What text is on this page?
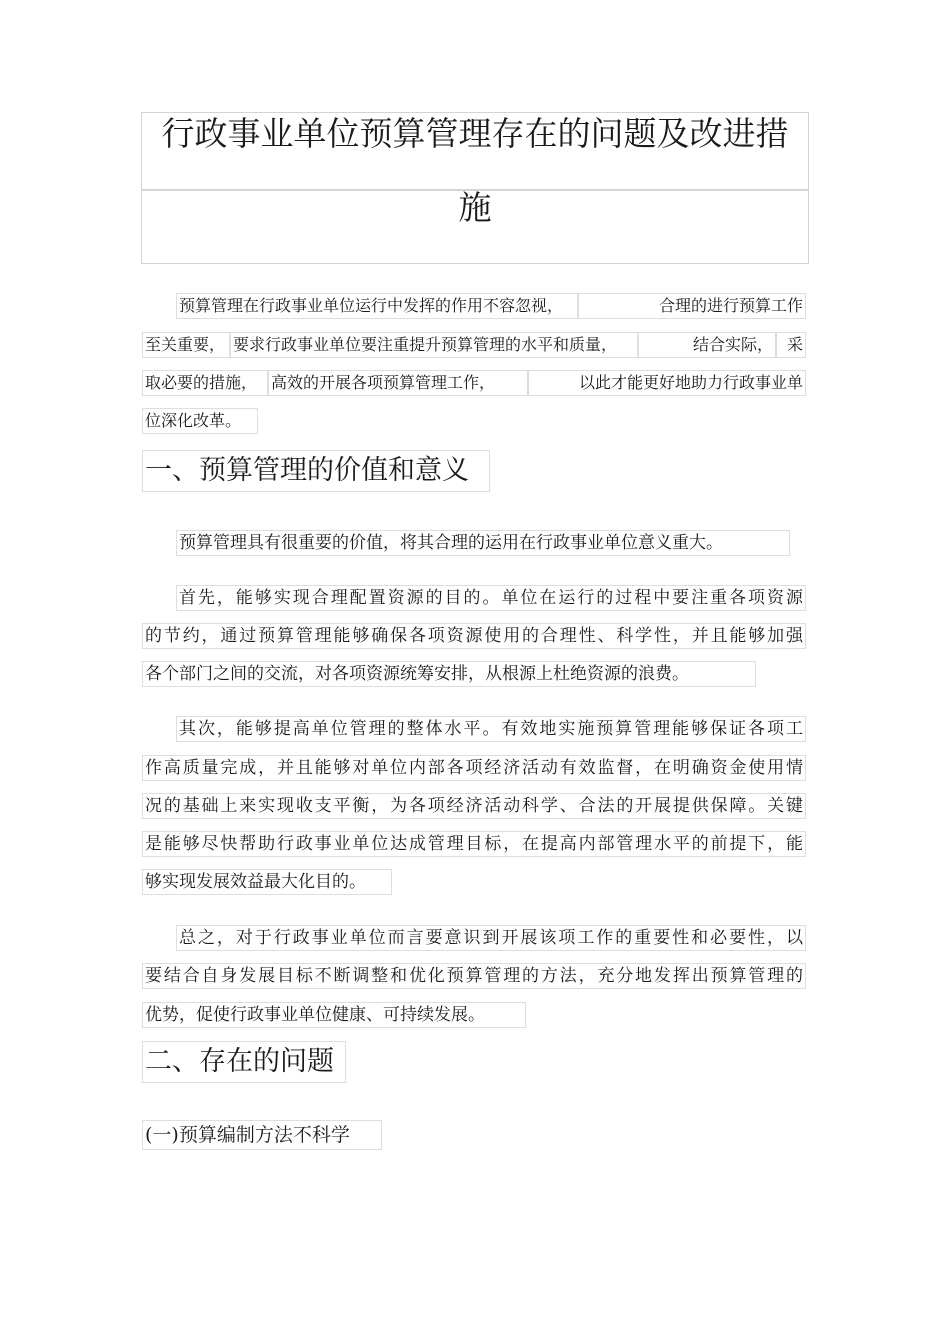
行政事业单位预算管理存在的问题及改进措
施
预算管理在行政事业单位运行中发挥的作用不容忽视，	合理的进行预算工作
至关重要， 要求行政事业单位要注重提升预算管理的水平和质量，	结合实际， 采
取必要的措施， 高效的开展各项预算管理工作，	以此才能更好地助力行政事业单
位深化改革。
一、预算管理的价值和意义
预算管理具有很重要的价值，将其合理的运用在行政事业单位意义重大。
首先，能够实现合理配置资源的目的。单位在运行的过程中要注重各项资源
的节约，通过预算管理能够确保各项资源使用的合理性、科学性，并且能够加强
各个部门之间的交流，对各项资源统筹安排，从根源上杜绝资源的浪费。
其次，能够提高单位管理的整体水平。有效地实施预算管理能够保证各项工
作高质量完成，并且能够对单位内部各项经济活动有效监督，在明确资金使用情
况的基础上来实现收支平衡，为各项经济活动科学、合法的开展提供保障。关键
是能够尽快帮助行政事业单位达成管理目标，在提高内部管理水平的前提下，能
够实现发展效益最大化目的。
总之，对于行政事业单位而言要意识到开展该项工作的重要性和必要性，以
要结合自身发展目标不断调整和优化预算管理的方法，充分地发挥出预算管理的
优势，促使行政事业单位健康、可持续发展。
二、存在的问题
(一)预算编制方法不科学
